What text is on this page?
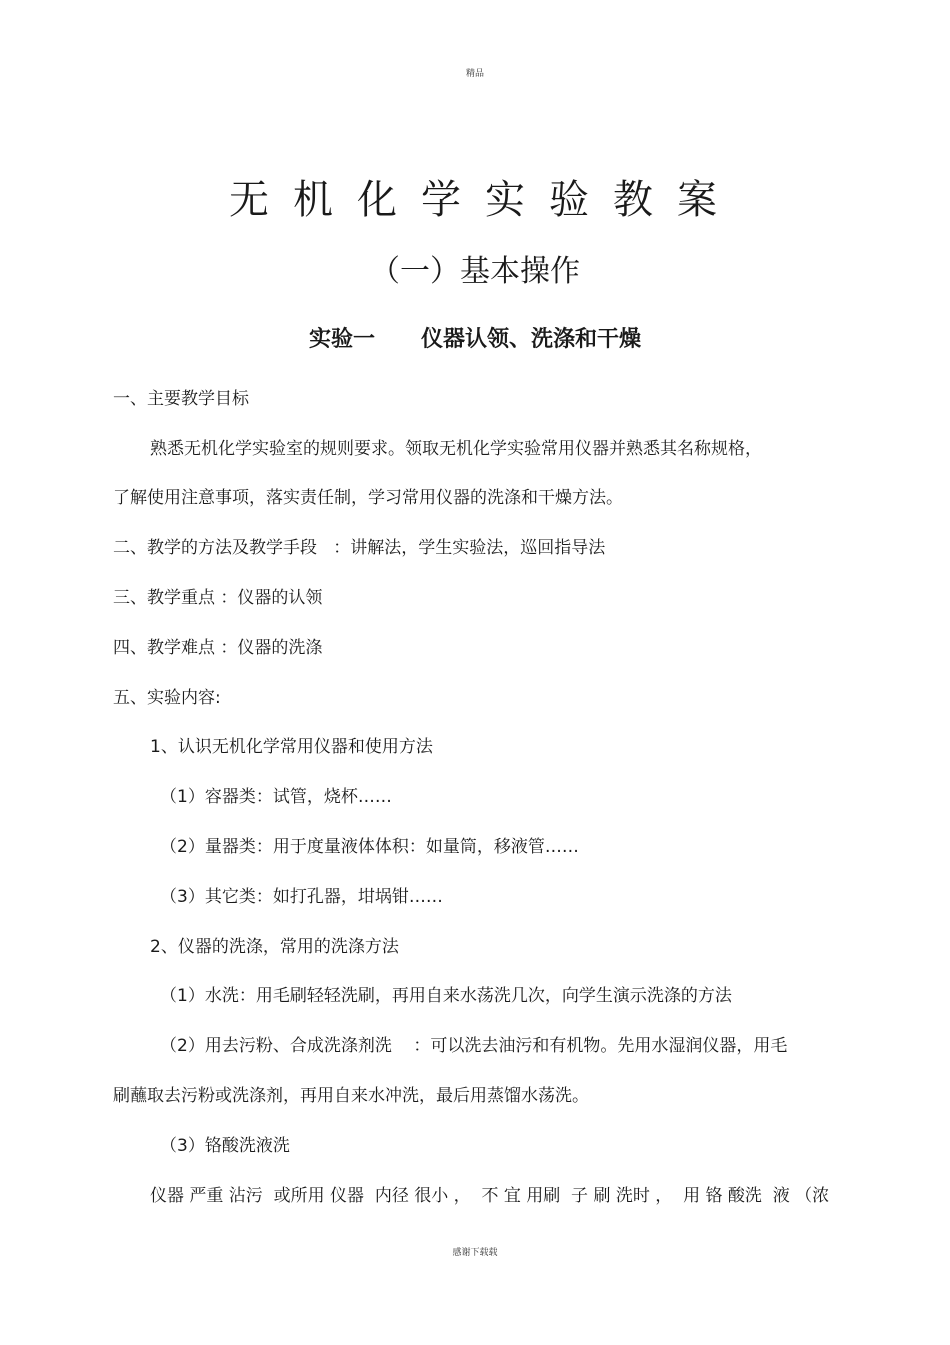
精品
无机化学实验教案
（一）基本操作
实验一      仪器认领、洗涤和干燥

一、主要教学目标

熟悉无机化学实验室的规则要求。领取无机化学实验常用仪器并熟悉其名称规格，

了解使用注意事项，落实责任制，学习常用仪器的洗涤和干燥方法。

二、教学的方法及教学手段   ：讲解法，学生实验法，巡回指导法

三、教学重点 ：仪器的认领

四、教学难点 ：仪器的洗涤

五、实验内容:

1、认识无机化学常用仪器和使用方法

（1）容器类：试管，烧杯……

（2）量器类：用于度量液体体积：如量筒，移液管……

（3）其它类：如打孔器，坩埚钳……

2、仪器的洗涤，常用的洗涤方法

（1）水洗：用毛刷轻轻洗刷，再用自来水荡洗几次，向学生演示洗涤的方法

（2）用去污粉、合成洗涤剂洗    ：可以洗去油污和有机物。先用水湿润仪器，用毛

刷蘸取去污粉或洗涤剂，再用自来水冲洗，最后用蒸馏水荡洗。

（3）铬酸洗液洗

仪器 严重 沾污  或所用 仪器  内径 很小 ，  不 宜 用刷  子 刷 洗时 ，  用 铬 酸洗  液 （浓

感谢下载载
